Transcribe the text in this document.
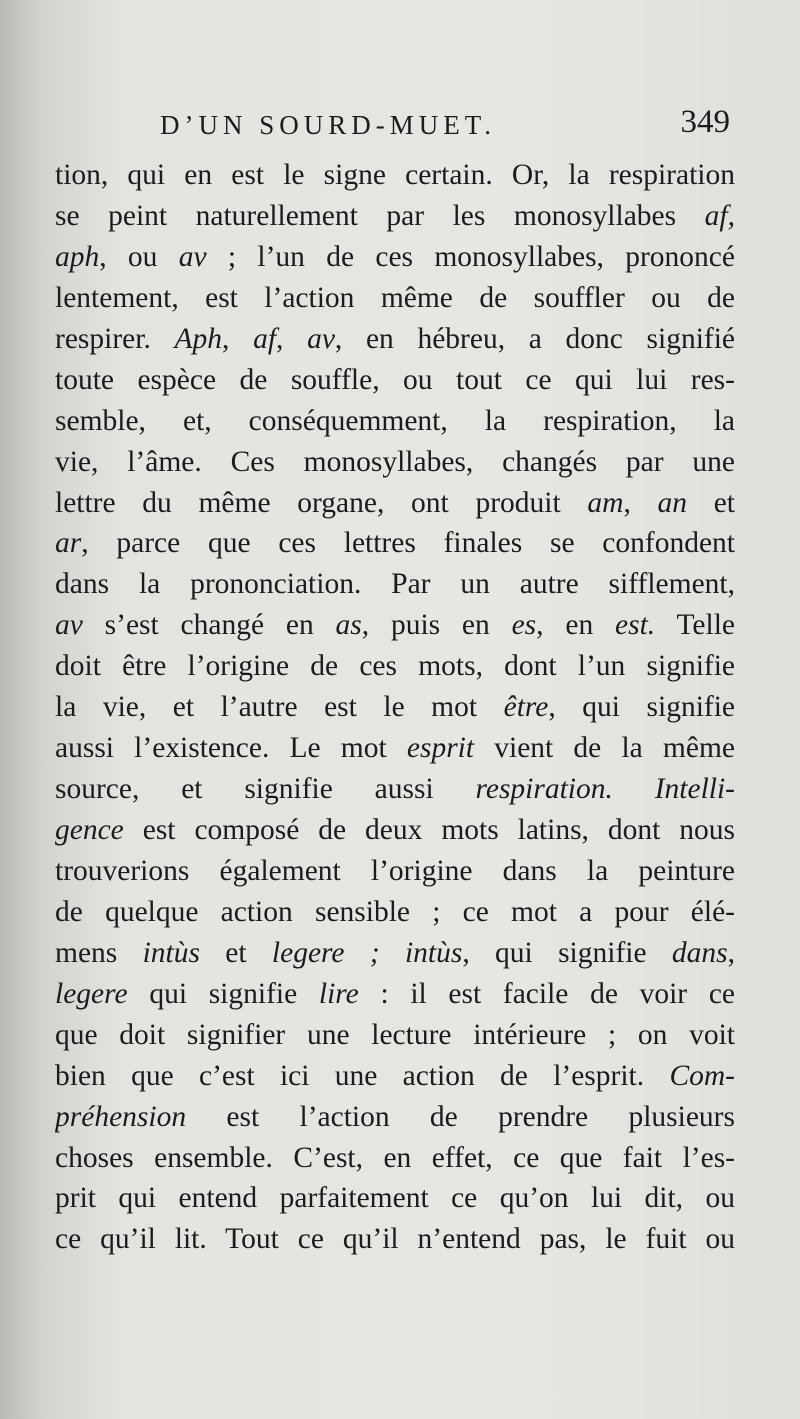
D’UN SOURD-MUET.	349
tion, qui en est le signe certain. Or, la respiration
se peint naturellement par les monosyllabes af,
aph, ou av ; l’un de ces monosyllabes, prononcé
lentement, est l’action même de souffler ou de
respirer. Aph, af, av, en hébreu, a donc signifié
toute espèce de souffle, ou tout ce qui lui res-
semble, et, conséquemment, la respiration, la
vie, l’âme. Ces monosyllabes, changés par une
lettre du même organe, ont produit am, an et
ar, parce que ces lettres finales se confondent
dans la prononciation. Par un autre sifflement,
av s’est changé en as, puis en es, en est. Telle
doit être l’origine de ces mots, dont l’un signifie
la vie, et l’autre est le mot être, qui signifie
aussi l’existence. Le mot esprit vient de la même
source, et signifie aussi respiration. Intelli-
gence est composé de deux mots latins, dont nous
trouverions également l’origine dans la peinture
de quelque action sensible ; ce mot a pour élé-
mens intùs et legere ; intùs, qui signifie dans,
legere qui signifie lire : il est facile de voir ce
que doit signifier une lecture intérieure ; on voit
bien que c’est ici une action de l’esprit. Com-
préhension est l’action de prendre plusieurs
choses ensemble. C’est, en effet, ce que fait l’es-
prit qui entend parfaitement ce qu’on lui dit, ou
ce qu’il lit. Tout ce qu’il n’entend pas, le fuit ou
